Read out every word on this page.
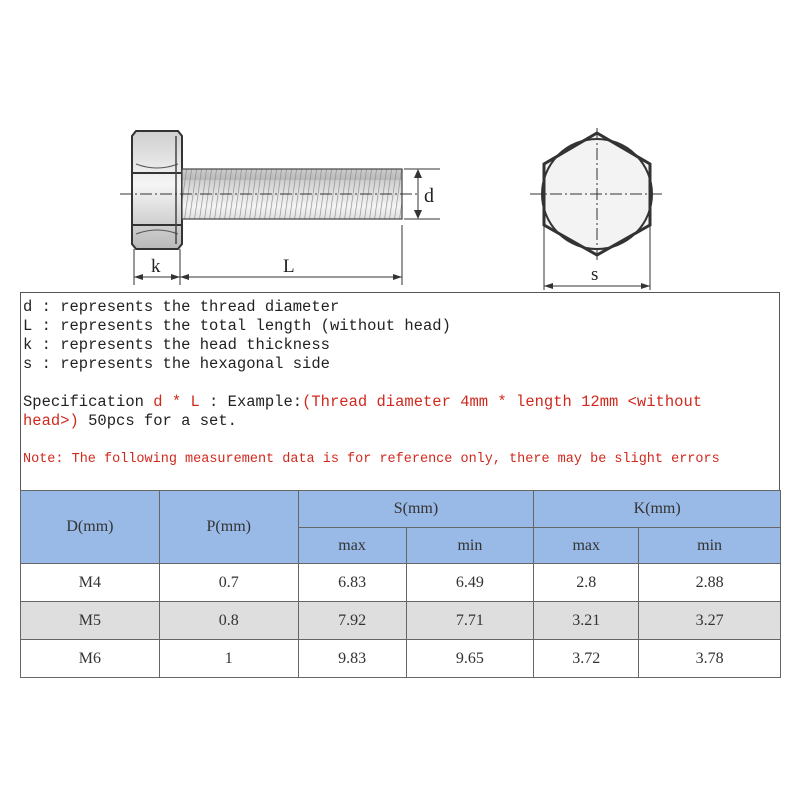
d
k	L	s
d : represents the thread diameter
L : represents the total length (without head)
k : represents the head thickness
s : represents the hexagonal side
Specification d * L : Example:(Thread diameter 4mm * length 12mm <without head>) 50pcs for a set.
Note: The following measurement data is for reference only, there may be slight errors
D(mm)	P(mm)	S(mm)		K(mm)	
		max	min	max	min
M4	0.7	6.83	6.49	2.8	2.88
M5	0.8	7.92	7.71	3.21	3.27
M6	1	9.83	9.65	3.72	3.78
